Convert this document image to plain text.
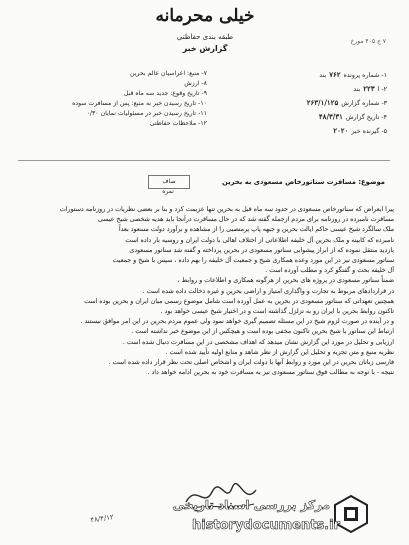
خیلی محرمانه
طبقه بندی حفاظتی
گزارش خبر
۷ ج ۴۰۵ مورخ
۱- شماره پرونده۷۶۲بند
۲- ا۲۲۳بند
۳- شماره گزارش۲۶۳/۱/۱۲۵
۴- تاریخ گزارش۴۸/۳/۳۱
۵- گیرنده خبر۲۰۲۰
۷- منبع: اعراسیان عالم بحرین
۸- ارزش
۹- تاریخ وقوع: جدید سه ماه قبل
۱۰- تاریخ رسیدن خبر به منبع: پس از مسافرت سوده
۱۱- تاریخ رسیدن خبر در مسئولیات نمایان ۰/۳۰
۱۲- ملاحظات حفاظتی
صاف
نمره
موضوع: مسافرت سناتورخاص مسعودی به بحرین

پیرا ابعراض که سناتورخاص مسعودی در حدود سه ماه قبل به بحرین تنها عزیمت کرد و بنا بر بعضی نظریات در روزنامه دستورات

مسافرت نامبرده در روزنامه برای مردم ازجمله گفته شد که در حال مسافرت درآنجا باید هدیه شخصی شیخ عیسی

ملک سالگرد شیخ عیسی حاکم ایالت بحرین و جبهه پاپ پرمنصبی را از مشاهده و برآورد دولت مسعود بعداً

نامبرده که کابینه و ملک بحرین آل خلیفه اطلاعاتی از اختلاف اهالی با دولت ایران و روسیه بار داده است

بازدید منتقل نموده که از ابراز پیشوایی سناتور مسعودی در بحرین پرداخته و گفته شد سناتور مسعودی

سناتور مسعودی نیز در این مورد وعده همکاری شیخ و جمعیت آل خلیفه را بهم داده ، سپس با شیخ و جمعیت

آل خلیفه بحث و گفتگو کرد و مطلب آورده است .

ضمناً سناتور مسعودی در پروژه های بحرین از هرگونه همکاری و اطلاعات و روابط ،

در قراردادهای مربوط به تجارت و واگذاری امتیاز و اراضی بحرین و غیره دخالت داده شده است .

همچنین تعهداتی که سناتور مسعودی در بحرین به عمل آورده است شامل موضوع رسمی میان ایران و بحرین بوده است

تاکنون روابط بحرین با ایران رو به تزلزل گذاشته است و در اختیار شیخ عیسی خواهد بود .

و در آینده در صورت لزوم شیخ در این مسئله تصمیم گیری خواهد نمود ولی عموم مردم بحرین در این امر موافق نیستند .

ارتباط این سناتور با شیخ بحرین تاکنون مخفی بوده است و هیچکس از این موضوع خبر نداشته است .

ارزیابی و تحلیل در مورد این گزارش نشان میدهد که اهداف مشخصی در این مسافرت دنبال شده است .

نظریه منبع و متن تجزیه و تحلیل این گزارش از نظر شاهد و منابع اولیه تأیید شده است .

فارسی زبانان بحرین در این مورد و روابط آنها با دولت ایران و اشخاص اصلی تحت نظر قرار داده شده است .

نتیجه - با توجه به مطالب فوق سناتور مسعودی نیز به مسافرت خود به بحرین ادامه خواهد داد .

۴۸/۴/۱۲
مرکز بررسی اسناد تاریخی
historydocuments.ir
